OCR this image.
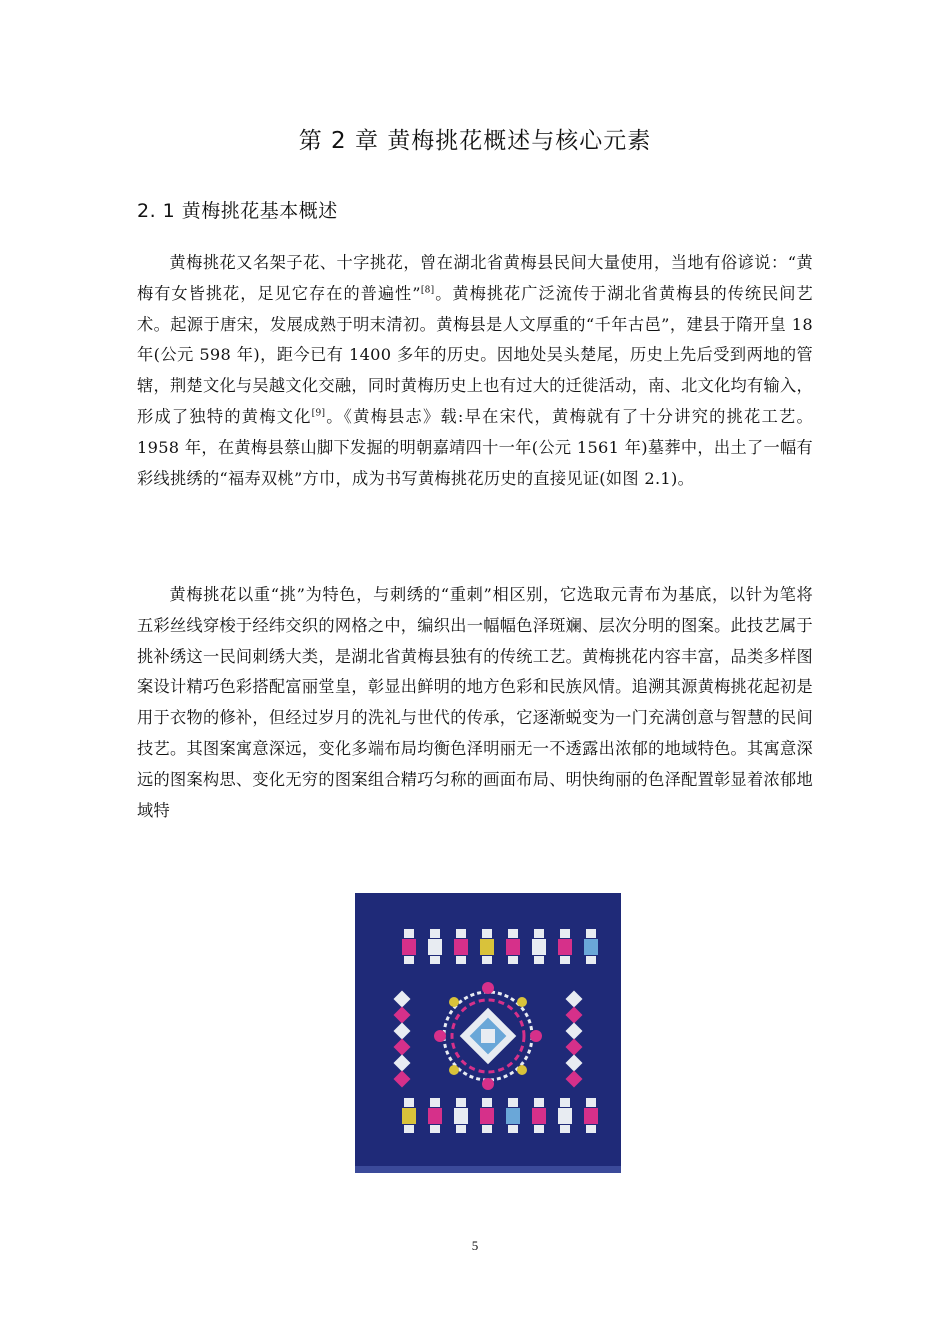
第 2 章 黄梅挑花概述与核心元素
2. 1 黄梅挑花基本概述

黄梅挑花又名架子花、十字挑花，曾在湖北省黄梅县民间大量使用，当地有俗谚说：“黄梅有女皆挑花，足见它存在的普遍性”[8]。黄梅挑花广泛流传于湖北省黄梅县的传统民间艺术。起源于唐宋，发展成熟于明末清初。黄梅县是人文厚重的“千年古邑”，建县于隋开皇 18 年(公元 598 年)，距今已有 1400 多年的历史。因地处吴头楚尾，历史上先后受到两地的管辖，荆楚文化与吴越文化交融，同时黄梅历史上也有过大的迁徙活动，南、北文化均有输入，形成了独特的黄梅文化[9]。《黄梅县志》载:早在宋代，黄梅就有了十分讲究的挑花工艺。1958 年，在黄梅县蔡山脚下发掘的明朝嘉靖四十一年(公元 1561 年)墓葬中，出土了一幅有彩线挑绣的“福寿双桃”方巾，成为书写黄梅挑花历史的直接见证(如图 2.1)。

黄梅挑花以重“挑”为特色，与刺绣的“重刺”相区别，它选取元青布为基底，以针为笔将五彩丝线穿梭于经纬交织的网格之中，编织出一幅幅色泽斑斓、层次分明的图案。此技艺属于挑补绣这一民间刺绣大类，是湖北省黄梅县独有的传统工艺。黄梅挑花内容丰富，品类多样图案设计精巧色彩搭配富丽堂皇，彰显出鲜明的地方色彩和民族风情。追溯其源黄梅挑花起初是用于衣物的修补，但经过岁月的洗礼与世代的传承，它逐渐蜕变为一门充满创意与智慧的民间技艺。其图案寓意深远，变化多端布局均衡色泽明丽无一不透露出浓郁的地域特色。其寓意深远的图案构思、变化无穷的图案组合精巧匀称的画面布局、明快绚丽的色泽配置彰显着浓郁地域特

5
